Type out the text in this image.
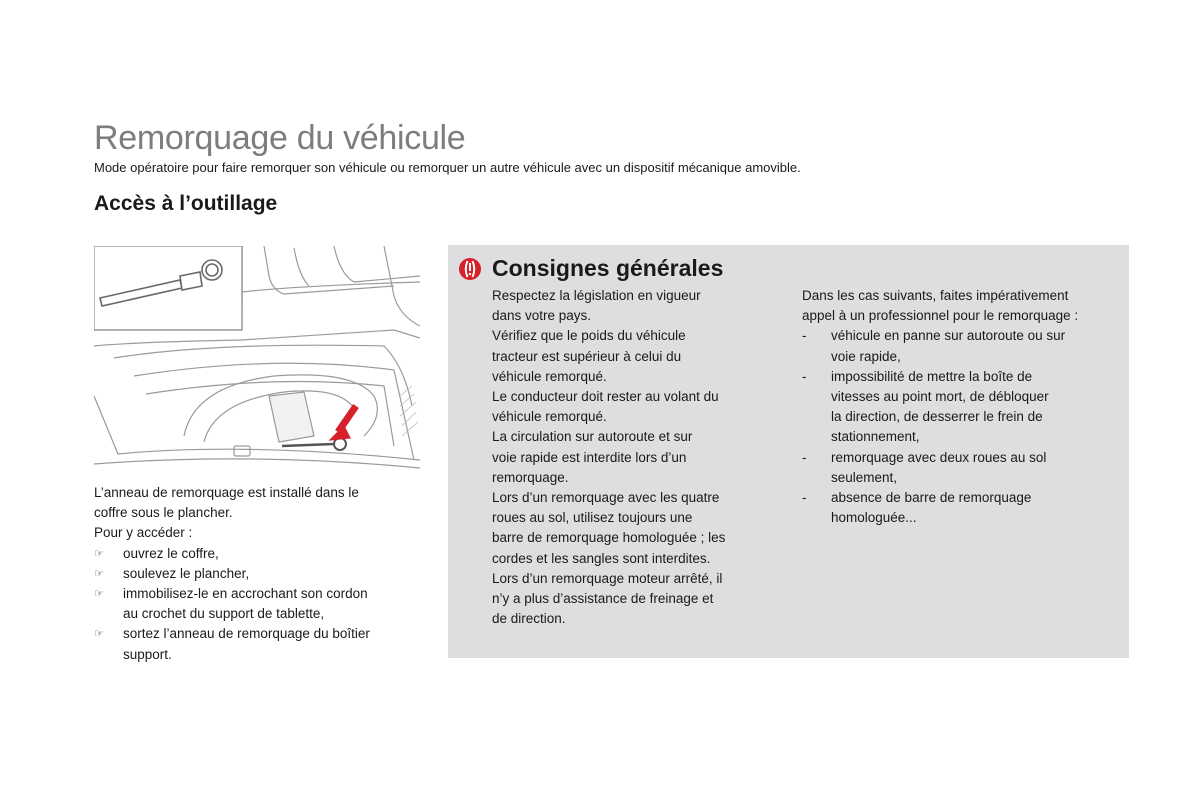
Remorquage du véhicule

Mode opératoire pour faire remorquer son véhicule ou remorquer un autre véhicule avec un dispositif mécanique amovible.

Accès à l’outillage

L’anneau de remorquage est installé dans le

coffre sous le plancher.

Pour y accéder :

☞ ouvrez le coffre,
☞ soulevez le plancher,
☞ immobilisez-le en accrochant son cordon
au crochet du support de tablette,
☞ sortez l’anneau de remorquage du boîtier
support.
Consignes générales

Respectez la législation en vigueur

dans votre pays.

Vérifiez que le poids du véhicule

tracteur est supérieur à celui du

véhicule remorqué.

Le conducteur doit rester au volant du

véhicule remorqué.

La circulation sur autoroute et sur

voie rapide est interdite lors d’un

remorquage.

Lors d’un remorquage avec les quatre

roues au sol, utilisez toujours une

barre de remorquage homologuée ; les

cordes et les sangles sont interdites.

Lors d’un remorquage moteur arrêté, il

n’y a plus d’assistance de freinage et

de direction.

Dans les cas suivants, faites impérativement

appel à un professionnel pour le remorquage :

- véhicule en panne sur autoroute ou sur
voie rapide,
- impossibilité de mettre la boîte de
vitesses au point mort, de débloquer
la direction, de desserrer le frein de
stationnement,
- remorquage avec deux roues au sol
seulement,
- absence de barre de remorquage
homologuée...
